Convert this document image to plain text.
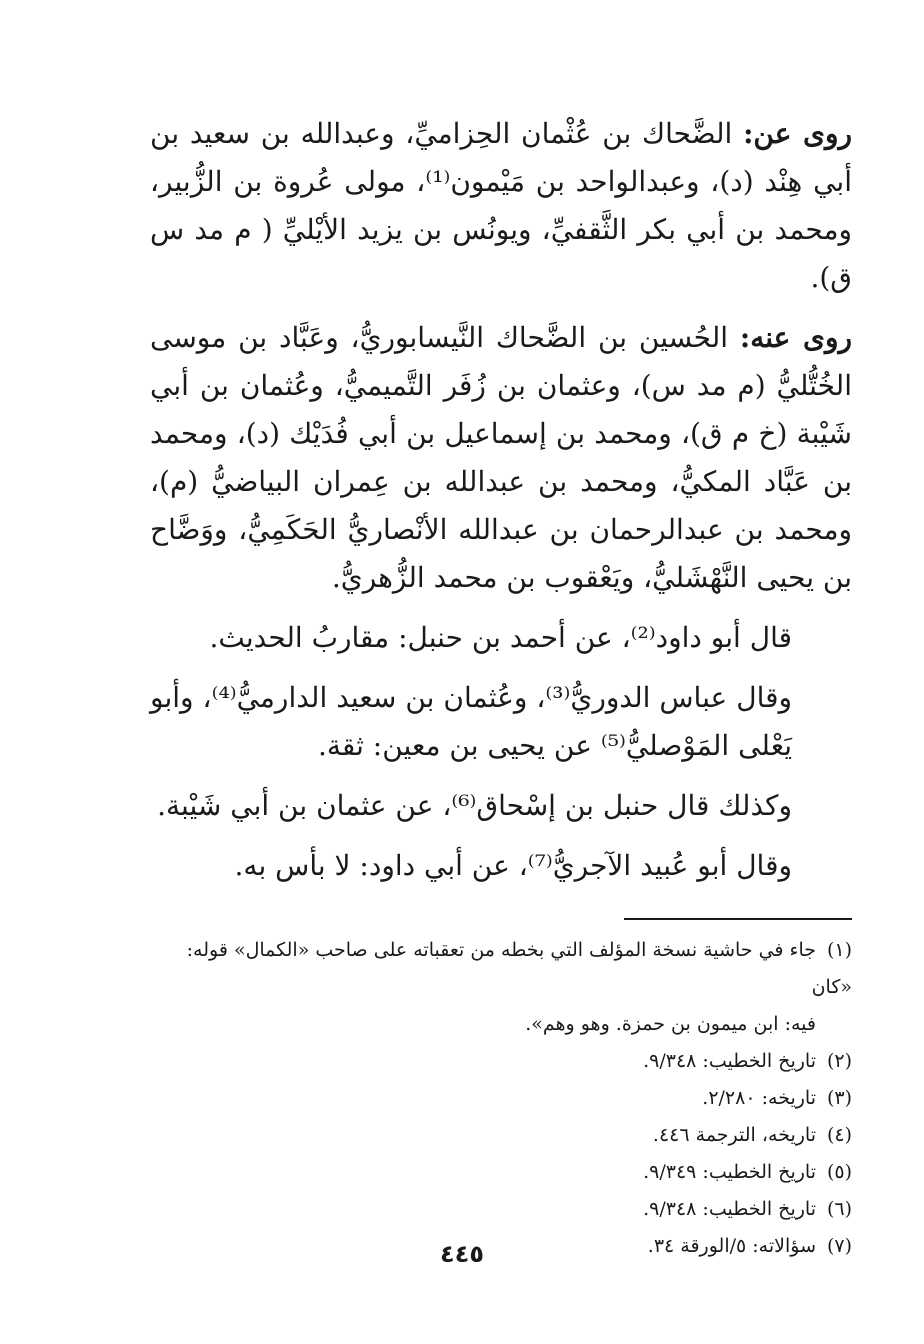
روى عن: الضَّحاك بن عُثْمان الحِزاميِّ، وعبدالله بن سعيد بن أبي هِنْد (د)، وعبدالواحد بن مَيْمون⁽¹⁾، مولى عُروة بن الزُّبير، ومحمد بن أبي بكر الثَّقفيِّ، ويونُس بن يزيد الأيْليِّ ( م مد س ق).

روى عنه: الحُسين بن الضَّحاك النَّيسابوريُّ، وعَبَّاد بن موسى الخُتُّليُّ (م مد س)، وعثمان بن زُفَر التَّميميُّ، وعُثمان بن أبي شَيْبة (خ م ق)، ومحمد بن إسماعيل بن أبي فُدَيْك (د)، ومحمد بن عَبَّاد المكيُّ، ومحمد بن عبدالله بن عِمران البياضيُّ (م)، ومحمد بن عبدالرحمان بن عبدالله الأنْصاريُّ الحَكَمِيُّ، ووَضَّاح بن يحيى النَّهْشَليُّ، ويَعْقوب بن محمد الزُّهريُّ.

قال أبو داود⁽²⁾، عن أحمد بن حنبل: مقاربُ الحديث.

وقال عباس الدوريُّ⁽³⁾، وعُثمان بن سعيد الدارميُّ⁽⁴⁾، وأبو يَعْلى المَوْصليُّ⁽⁵⁾ عن يحيى بن معين: ثقة.

وكذلك قال حنبل بن إسْحاق⁽⁶⁾، عن عثمان بن أبي شَيْبة.

وقال أبو عُبيد الآجريُّ⁽⁷⁾، عن أبي داود: لا بأس به.

(١)جاء في حاشية نسخة المؤلف التي بخطه من تعقباته على صاحب «الكمال» قوله: «كان

فيه: ابن ميمون بن حمزة. وهو وهم».

(٢)تاريخ الخطيب: ٩/٣٤٨.

(٣)تاريخه: ٢/٢٨٠.

(٤)تاريخه، الترجمة ٤٤٦.

(٥)تاريخ الخطيب: ٩/٣٤٩.

(٦)تاريخ الخطيب: ٩/٣٤٨.

(٧)سؤالاته: ٥/الورقة ٣٤.

٤٤٥
